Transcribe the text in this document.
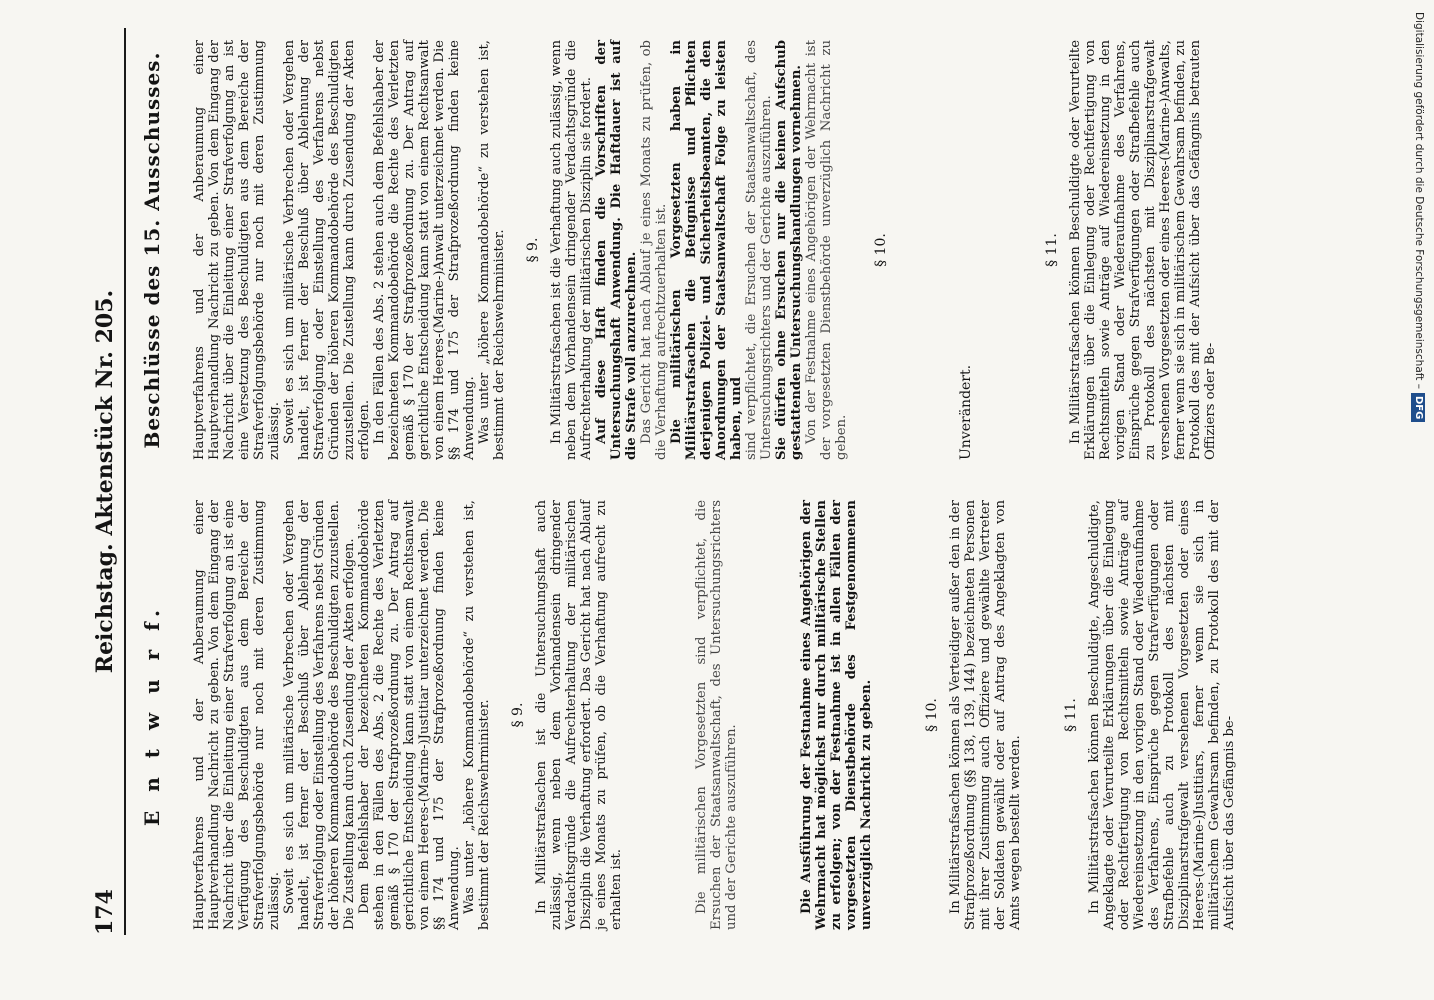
174
Reichstag. Aktenstück Nr. 205.
E n t w u r f. Hauptverfahrens und der Anberaumung einer Hauptverhandlung Nachricht zu geben. Von dem Eingang der Nachricht über die Einleitung einer Strafverfolgung an ist eine Verfügung des Beschuldigten aus dem Bereiche der Strafverfolgungsbehörde nur noch mit deren Zustimmung zulässig. Soweit es sich um militärische Verbrechen oder Vergehen handelt, ist ferner der Beschluß über Ablehnung der Strafverfolgung oder Einstellung des Verfahrens nebst Gründen der höheren Kommandobehörde des Beschuldigten zuzustellen. Die Zustellung kann durch Zusendung der Akten erfolgen. Dem Befehlshaber der bezeichneten Kommandobehörde stehen in den Fällen des Abs. 2 die Rechte des Verletzten gemäß § 170 der Strafprozeßordnung zu. Der Antrag auf gerichtliche Entscheidung kann statt von einem Rechtsanwalt von einem Heeres-(Marine-)Justitiar unterzeichnet werden. Die §§ 174 und 175 der Strafprozeßordnung finden keine Anwendung. Was unter „höhere Kommandobehörde“ zu verstehen ist, bestimmt der Reichswehrminister. § 9. In Militärstrafsachen ist die Untersuchungshaft auch zulässig, wenn neben dem Vorhandensein dringender Verdachtsgründe die Aufrechterhaltung der militärischen Disziplin die Verhaftung erfordert. Das Gericht hat nach Ablauf je eines Monats zu prüfen, ob die Verhaftung aufrecht zu erhalten ist.	Die militärischen Vorgesetzten sind verpflichtet, die Ersuchen der Staatsanwaltschaft, des Untersuchungsrichters und der Gerichte auszuführen.	Die Ausführung der Festnahme eines Angehörigen der Wehrmacht hat möglichst nur durch militärische Stellen zu erfolgen; von der Festnahme ist in allen Fällen der vorgesetzten Dienstbehörde des Festgenommenen unverzüglich Nachricht zu geben.	§ 10. In Militärstrafsachen können als Verteidiger außer den in der Strafprozeßordnung (§§ 138, 139, 144) bezeichneten Personen mit ihrer Zustimmung auch Offiziere und gewählte Vertreter der Soldaten gewählt oder auf Antrag des Angeklagten von Amts wegen bestellt werden.

§ 11. In Militärstrafsachen können Beschuldigte, Angeschuldigte, Angeklagte oder Verurteilte Erklärungen über die Einlegung oder Rechtfertigung von Rechtsmitteln sowie Anträge auf Wiedereinsetzung in den vorigen Stand oder Wiederaufnahme des Verfahrens, Einsprüche gegen Strafverfügungen oder Strafbefehle auch zu Protokoll des nächsten mit Disziplinarstrafgewalt versehenen Vorgesetzten oder eines Heeres-(Marine-)Justitiars, ferner wenn sie sich in militärischem Gewahrsam befinden, zu Protokoll des mit der Aufsicht über das Gefängnis be-

Beschlüsse des 15. Ausschusses. Hauptverfahrens und der Anberaumung einer Hauptverhandlung Nachricht zu geben. Von dem Eingang der Nachricht über die Einleitung einer Strafverfolgung an ist eine Versetzung des Beschuldigten aus dem Bereiche der Strafverfolgungsbehörde nur noch mit deren Zustimmung zulässig. Soweit es sich um militärische Verbrechen oder Vergehen handelt, ist ferner der Beschluß über Ablehnung der Strafverfolgung oder Einstellung des Verfahrens nebst Gründen der höheren Kommandobehörde des Beschuldigten zuzustellen. Die Zustellung kann durch Zusendung der Akten erfolgen. In den Fällen des Abs. 2 stehen auch dem Befehlshaber der bezeichneten Kommandobehörde die Rechte des Verletzten gemäß § 170 der Strafprozeßordnung zu. Der Antrag auf gerichtliche Entscheidung kann statt von einem Rechtsanwalt von einem Heeres-(Marine-)Anwalt unterzeichnet werden. Die §§ 174 und 175 der Strafprozeßordnung finden keine Anwendung. Was unter „höhere Kommandobehörde“ zu verstehen ist, bestimmt der Reichswehrminister. § 9. In Militärstrafsachen ist die Verhaftung auch zulässig, wenn neben dem Vorhandensein dringender Verdachtsgründe die Aufrechterhaltung der militärischen Disziplin sie fordert. Auf diese Haft finden die Vorschriften der Untersuchungshaft Anwendung. Die Haftdauer ist auf die Strafe voll anzurechnen. Das Gericht hat nach Ablauf je eines Monats zu prüfen, ob die Verhaftung aufrechtzuerhalten ist. Die militärischen Vorgesetzten haben in Militärstrafsachen die Befugnisse und Pflichten derjenigen Polizei- und Sicherheitsbeamten, die den Anordnungen der Staatsanwaltschaft Folge zu leisten haben, und sind verpflichtet, die Ersuchen der Staatsanwaltschaft, des Untersuchungsrichters und der Gerichte auszuführen. Sie dürfen ohne Ersuchen nur die keinen Aufschub gestattenden Untersuchungshandlungen vornehmen. Von der Festnahme eines Angehörigen der Wehrmacht ist der vorgesetzten Dienstbehörde unverzüglich Nachricht zu geben.

§ 10.

Unverändert.

§ 11. In Militärstrafsachen können Beschuldigte oder Verurteilte Erklärungen über die Einlegung oder Rechtfertigung von Rechtsmitteln sowie Anträge auf Wiedereinsetzung in den vorigen Stand oder Wiederaufnahme des Verfahrens, Einsprüche gegen Strafverfügungen oder Strafbefehle auch zu Protokoll des nächsten mit Disziplinarstrafgewalt versehenen Vorgesetzten oder eines Heeres-(Marine-)Anwalts, ferner wenn sie sich in militärischem Gewahrsam befinden, zu Protokoll des mit der Aufsicht über das Gefängnis betrauten Offiziers oder Be-

Digitalisierung gefördert durch die Deutsche Forschungsgemeinschaft –DFG
